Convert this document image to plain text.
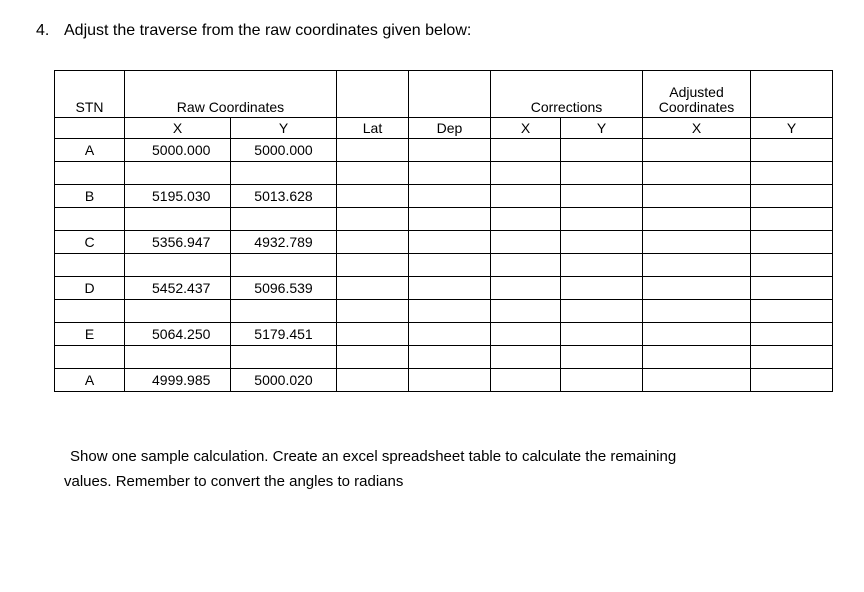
4. Adjust the traverse from the raw coordinates given below:
STN	Raw Coordinates				Corrections		Adjusted
Coordinates	
	X	Y	Lat	Dep	X	Y	X	Y
A	5000.000	5000.000						

B	5195.030	5013.628						

C	5356.947	4932.789						

D	5452.437	5096.539						

E	5064.250	5179.451						

A	4999.985	5000.020						
Show one sample calculation. Create an excel spreadsheet table to calculate the remaining
values. Remember to convert the angles to radians
